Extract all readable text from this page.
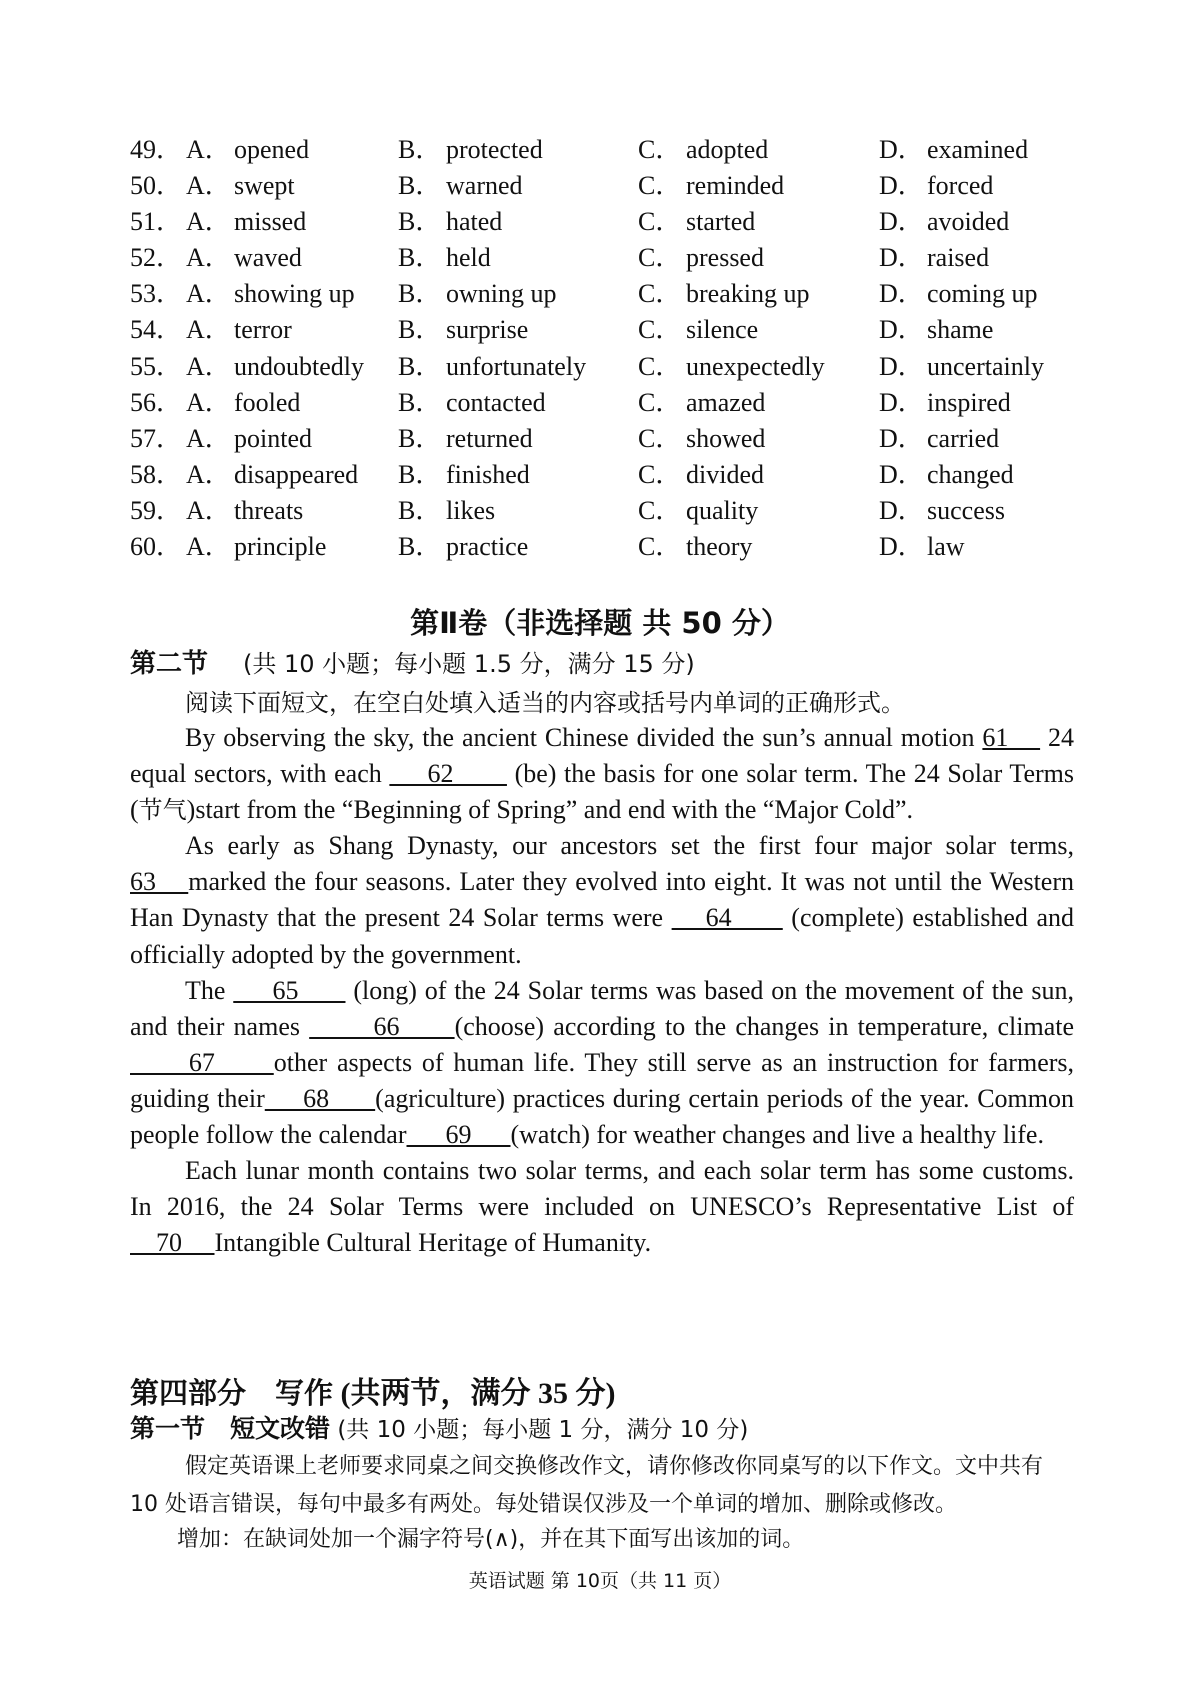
49． A． opened	B． protected	C． adopted	D． examined
50． A． swept	B． warned	C． reminded	D． forced
51． A． missed	B． hated	C． started	D． avoided
52． A． waved	B． held	C． pressed	D． raised
53． A． showing up B． owning up	C． breaking up	D． coming up
54． A． terror	B． surprise	C． silence	D． shame
55． A． undoubtedly B． unfortunately C． unexpectedly D． uncertainly
56． A． fooled	B． contacted	C． amazed	D． inspired
57． A． pointed	B． returned	C． showed	D． carried
58． A． disappeared B． finished	C． divided	D． changed
59． A． threats	B． likes	C． quality	D． success
60． A． principle	B． practice	C． theory	D． law
第Ⅱ卷（非选择题 共 50 分）
第二节 (共 10 小题；每小题 1.5 分，满分 15 分)
阅读下面短文，在空白处填入适当的内容或括号内单词的正确形式。

By observing the sky, the ancient Chinese divided the sun’s annual motion 61     24 equal sectors, with each      62        (be) the basis for one solar term. The 24 Solar Terms (节气)start from the “Beginning of Spring” and end with the “Major Cold”.

As early as Shang Dynasty, our ancestors set the first four major solar terms, 63    marked the four seasons. Later they evolved into eight. It was not until the Western Han Dynasty that the present 24 Solar terms were     64       (complete) established and officially adopted by the government.

The      65       (long) of the 24 Solar terms was based on the movement of the sun, and their names        66      (choose) according to the changes in temperature, climate      67      other aspects of human life. They still serve as an instruction for farmers, guiding their     68      (agriculture) practices during certain periods of the year. Common people follow the calendar      69      (watch) for weather changes and live a healthy life.

Each lunar month contains two solar terms, and each solar term has some customs. In 2016, the 24 Solar Terms were included on UNESCO’s Representative List of     70     Intangible Cultural Heritage of Humanity.

第四部分　写作 (共两节，满分 35 分)
第一节　短文改错 (共 10 小题；每小题 1 分，满分 10 分)

假定英语课上老师要求同桌之间交换修改作文，请你修改你同桌写的以下作文。文中共有 10 处语言错误，每句中最多有两处。每处错误仅涉及一个单词的增加、删除或修改。

增加：在缺词处加一个漏字符号(∧)，并在其下面写出该加的词。
英语试题 第 10页（共 11 页）
